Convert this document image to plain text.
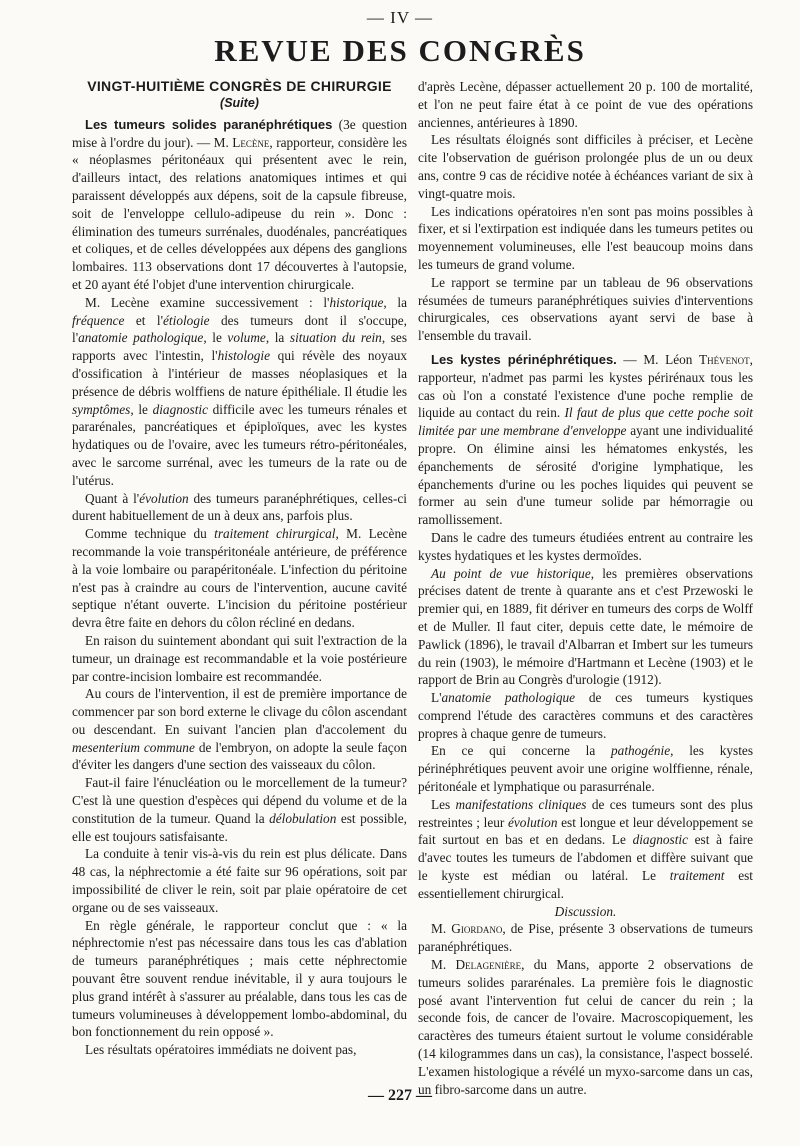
— IV —
REVUE DES CONGRÈS
VINGT-HUITIÈME CONGRÈS DE CHIRURGIE
(Suite)

Les tumeurs solides paranéphrétiques (3e question mise à l'ordre du jour). — M. Lecène, rapporteur, considère les « néoplasmes péritonéaux qui présentent avec le rein, d'ailleurs intact, des relations anatomiques intimes et qui paraissent développés aux dépens, soit de la capsule fibreuse, soit de l'enveloppe cellulo-adipeuse du rein ». Donc : élimination des tumeurs surrénales, duodénales, pancréatiques et coliques, et de celles développées aux dépens des ganglions lombaires. 113 observations dont 17 découvertes à l'autopsie, et 20 ayant été l'objet d'une intervention chirurgicale.

M. Lecène examine successivement : l'historique, la fréquence et l'étiologie des tumeurs dont il s'occupe, l'anatomie pathologique, le volume, la situation du rein, ses rapports avec l'intestin, l'histologie qui révèle des noyaux d'ossification à l'intérieur de masses néoplasiques et la présence de débris wolffiens de nature épithéliale. Il étudie les symptômes, le diagnostic difficile avec les tumeurs rénales et pararénales, pancréatiques et épiploïques, avec les kystes hydatiques ou de l'ovaire, avec les tumeurs rétro-péritonéales, avec le sarcome surrénal, avec les tumeurs de la rate ou de l'utérus.

Quant à l'évolution des tumeurs paranéphrétiques, celles-ci durent habituellement de un à deux ans, parfois plus.

Comme technique du traitement chirurgical, M. Lecène recommande la voie transpéritonéale antérieure, de préférence à la voie lombaire ou parapéritonéale. L'infection du péritoine n'est pas à craindre au cours de l'intervention, aucune cavité septique n'étant ouverte. L'incision du péritoine postérieur devra être faite en dehors du côlon récliné en dedans.

En raison du suintement abondant qui suit l'extraction de la tumeur, un drainage est recommandable et la voie postérieure par contre-incision lombaire est recommandée.

Au cours de l'intervention, il est de première importance de commencer par son bord externe le clivage du côlon ascendant ou descendant. En suivant l'ancien plan d'accolement du mesenterium commune de l'embryon, on adopte la seule façon d'éviter les dangers d'une section des vaisseaux du côlon.

Faut-il faire l'énucléation ou le morcellement de la tumeur? C'est là une question d'espèces qui dépend du volume et de la constitution de la tumeur. Quand la délobulation est possible, elle est toujours satisfaisante.

La conduite à tenir vis-à-vis du rein est plus délicate. Dans 48 cas, la néphrectomie a été faite sur 96 opérations, soit par impossibilité de cliver le rein, soit par plaie opératoire de cet organe ou de ses vaisseaux.

En règle générale, le rapporteur conclut que : « la néphrectomie n'est pas nécessaire dans tous les cas d'ablation de tumeurs paranéphrétiques ; mais cette néphrectomie pouvant être souvent rendue inévitable, il y aura toujours le plus grand intérêt à s'assurer au préalable, dans tous les cas de tumeurs volumineuses à développement lombo-abdominal, du bon fonctionnement du rein opposé ».

Les résultats opératoires immédiats ne doivent pas,

d'après Lecène, dépasser actuellement 20 p. 100 de mortalité, et l'on ne peut faire état à ce point de vue des opérations anciennes, antérieures à 1890.

Les résultats éloignés sont difficiles à préciser, et Lecène cite l'observation de guérison prolongée plus de un ou deux ans, contre 9 cas de récidive notée à échéances variant de six à vingt-quatre mois.

Les indications opératoires n'en sont pas moins possibles à fixer, et si l'extirpation est indiquée dans les tumeurs petites ou moyennement volumineuses, elle l'est beaucoup moins dans les tumeurs de grand volume.

Le rapport se termine par un tableau de 96 observations résumées de tumeurs paranéphrétiques suivies d'interventions chirurgicales, ces observations ayant servi de base à l'ensemble du travail.

Les kystes périnéphrétiques. — M. Léon Thévenot, rapporteur, n'admet pas parmi les kystes périrénaux tous les cas où l'on a constaté l'existence d'une poche remplie de liquide au contact du rein. Il faut de plus que cette poche soit limitée par une membrane d'enveloppe ayant une individualité propre. On élimine ainsi les hématomes enkystés, les épanchements de sérosité d'origine lymphatique, les épanchements d'urine ou les poches liquides qui peuvent se former au sein d'une tumeur solide par hémorragie ou ramollissement.

Dans le cadre des tumeurs étudiées entrent au contraire les kystes hydatiques et les kystes dermoïdes.

Au point de vue historique, les premières observations précises datent de trente à quarante ans et c'est Przewoski le premier qui, en 1889, fit dériver en tumeurs des corps de Wolff et de Muller. Il faut citer, depuis cette date, le mémoire de Pawlick (1896), le travail d'Albarran et Imbert sur les tumeurs du rein (1903), le mémoire d'Hartmann et Lecène (1903) et le rapport de Brin au Congrès d'urologie (1912).

L'anatomie pathologique de ces tumeurs kystiques comprend l'étude des caractères communs et des caractères propres à chaque genre de tumeurs.

En ce qui concerne la pathogénie, les kystes périnéphrétiques peuvent avoir une origine wolffienne, rénale, péritonéale et lymphatique ou parasurrénale.

Les manifestations cliniques de ces tumeurs sont des plus restreintes ; leur évolution est longue et leur développement se fait surtout en bas et en dedans. Le diagnostic est à faire d'avec toutes les tumeurs de l'abdomen et diffère suivant que le kyste est médian ou latéral. Le traitement est essentiellement chirurgical.

Discussion.

M. Giordano, de Pise, présente 3 observations de tumeurs paranéphrétiques.

M. Delagenière, du Mans, apporte 2 observations de tumeurs solides pararénales. La première fois le diagnostic posé avant l'intervention fut celui de cancer du rein ; la seconde fois, de cancer de l'ovaire. Macroscopiquement, les caractères des tumeurs étaient surtout le volume considérable (14 kilogrammes dans un cas), la consistance, l'aspect bosselé. L'examen histologique a révélé un myxo-sarcome dans un cas, un fibro-sarcome dans un autre.

— 227 —
